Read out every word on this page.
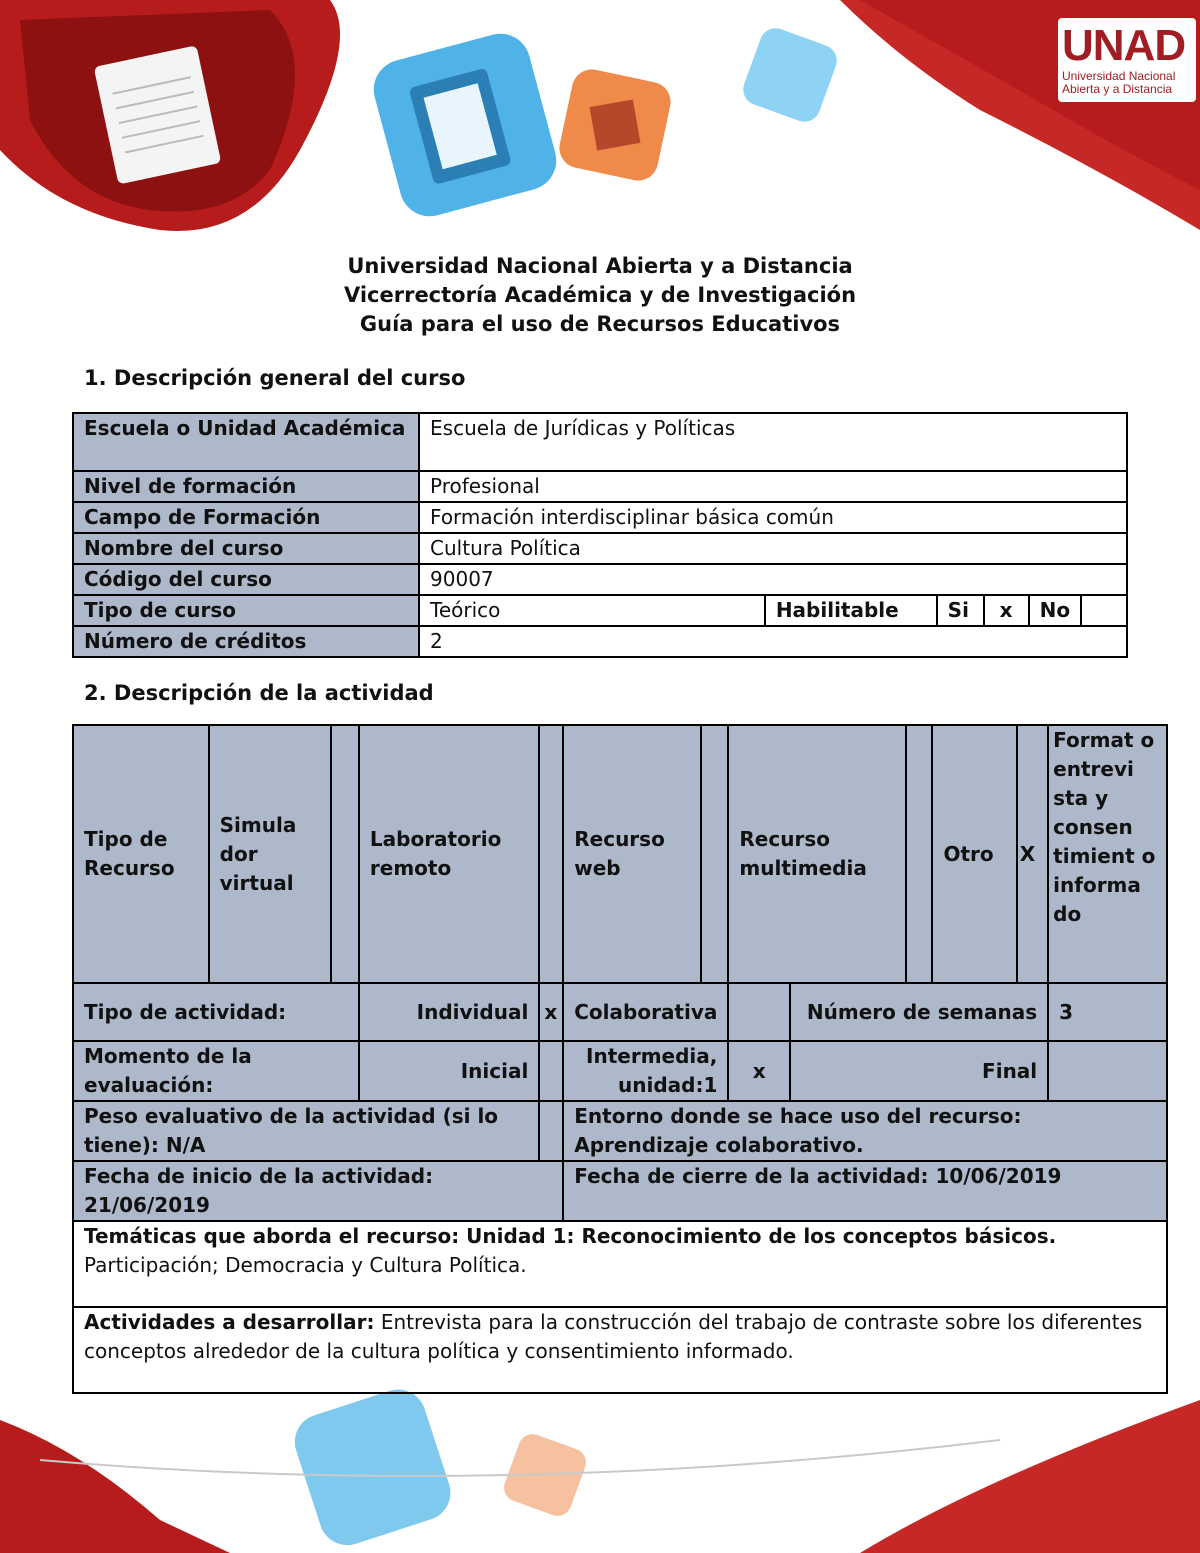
UNAD
Universidad Nacional
Abierta y a Distancia
Universidad Nacional Abierta y a Distancia
Vicerrectoría Académica y de Investigación
Guía para el uso de Recursos Educativos
1. Descripción general del curso
Escuela o Unidad Académica	Escuela de Jurídicas y Políticas					
Nivel de formación	Profesional					
Campo de Formación	Formación interdisciplinar básica común					
Nombre del curso	Cultura Política					
Código del curso	90007					
Tipo de curso	Teórico	Habilitable	Si	x	No	
Número de créditos	2					
2. Descripción de la actividad
Tipo de Recurso	Simula dor virtual		Laboratorio remoto		Recurso web		Recurso multimedia			Otro	X	Format o entrevi sta y consen timient o informa do
Tipo de actividad:			Individual	x	Colaborativa			Número de semanas				3
Momento de la evaluación:			Inicial		Intermedia, unidad:1		x	Final				
Peso evaluativo de la actividad (si lo tiene): N/A					Entorno donde se hace uso del recurso: Aprendizaje colaborativo.							
Fecha de inicio de la actividad: 21/06/2019					Fecha de cierre de la actividad: 10/06/2019							
Temáticas que aborda el recurso: Unidad 1: Reconocimiento de los conceptos básicos. Participación; Democracia y Cultura Política.												
Actividades a desarrollar: Entrevista para la construcción del trabajo de contraste sobre los diferentes conceptos alrededor de la cultura política y consentimiento informado.												
